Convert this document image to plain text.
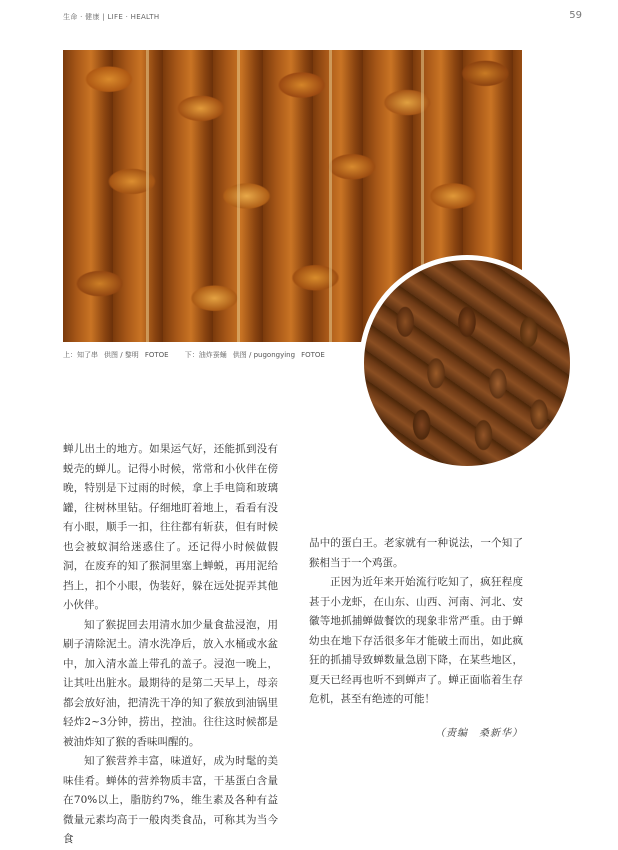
生命 · 健康 | LIFE · HEALTH	59
上：知了串 供图 / 黎明 FOTOE 下：油炸蚕蛹 供图 / pugongying FOTOE

蝉儿出土的地方。如果运气好，还能抓到没有蜕壳的蝉儿。记得小时候，常常和小伙伴在傍晚，特别是下过雨的时候，拿上手电筒和玻璃罐，往树林里钻。仔细地盯着地上，看看有没有小眼，顺手一扣，往往都有斩获，但有时候也会被蚁洞给迷惑住了。还记得小时候做假洞，在废弃的知了猴洞里塞上蝉蜕，再用泥给挡上，扣个小眼，伪装好，躲在远处捉弄其他小伙伴。

知了猴捉回去用清水加少量食盐浸泡，用刷子清除泥土。清水洗净后，放入水桶或水盆中，加入清水盖上带孔的盖子。浸泡一晚上，让其吐出脏水。最期待的是第二天早上，母亲都会放好油，把清洗干净的知了猴放到油锅里轻炸2~3分钟，捞出，控油。往往这时候都是被油炸知了猴的香味叫醒的。

知了猴营养丰富，味道好，成为时髦的美味佳肴。蝉体的营养物质丰富，干基蛋白含量在70%以上，脂肪约7%，维生素及各种有益微量元素均高于一般肉类食品，可称其为当今食

品中的蛋白王。老家就有一种说法，一个知了猴相当于一个鸡蛋。

正因为近年来开始流行吃知了，疯狂程度甚于小龙虾，在山东、山西、河南、河北、安徽等地抓捕蝉做餐饮的现象非常严重。由于蝉幼虫在地下存活很多年才能破土而出，如此疯狂的抓捕导致蝉数量急剧下降，在某些地区，夏天已经再也听不到蝉声了。蝉正面临着生存危机，甚至有绝迹的可能！

（责编　桑新华）
